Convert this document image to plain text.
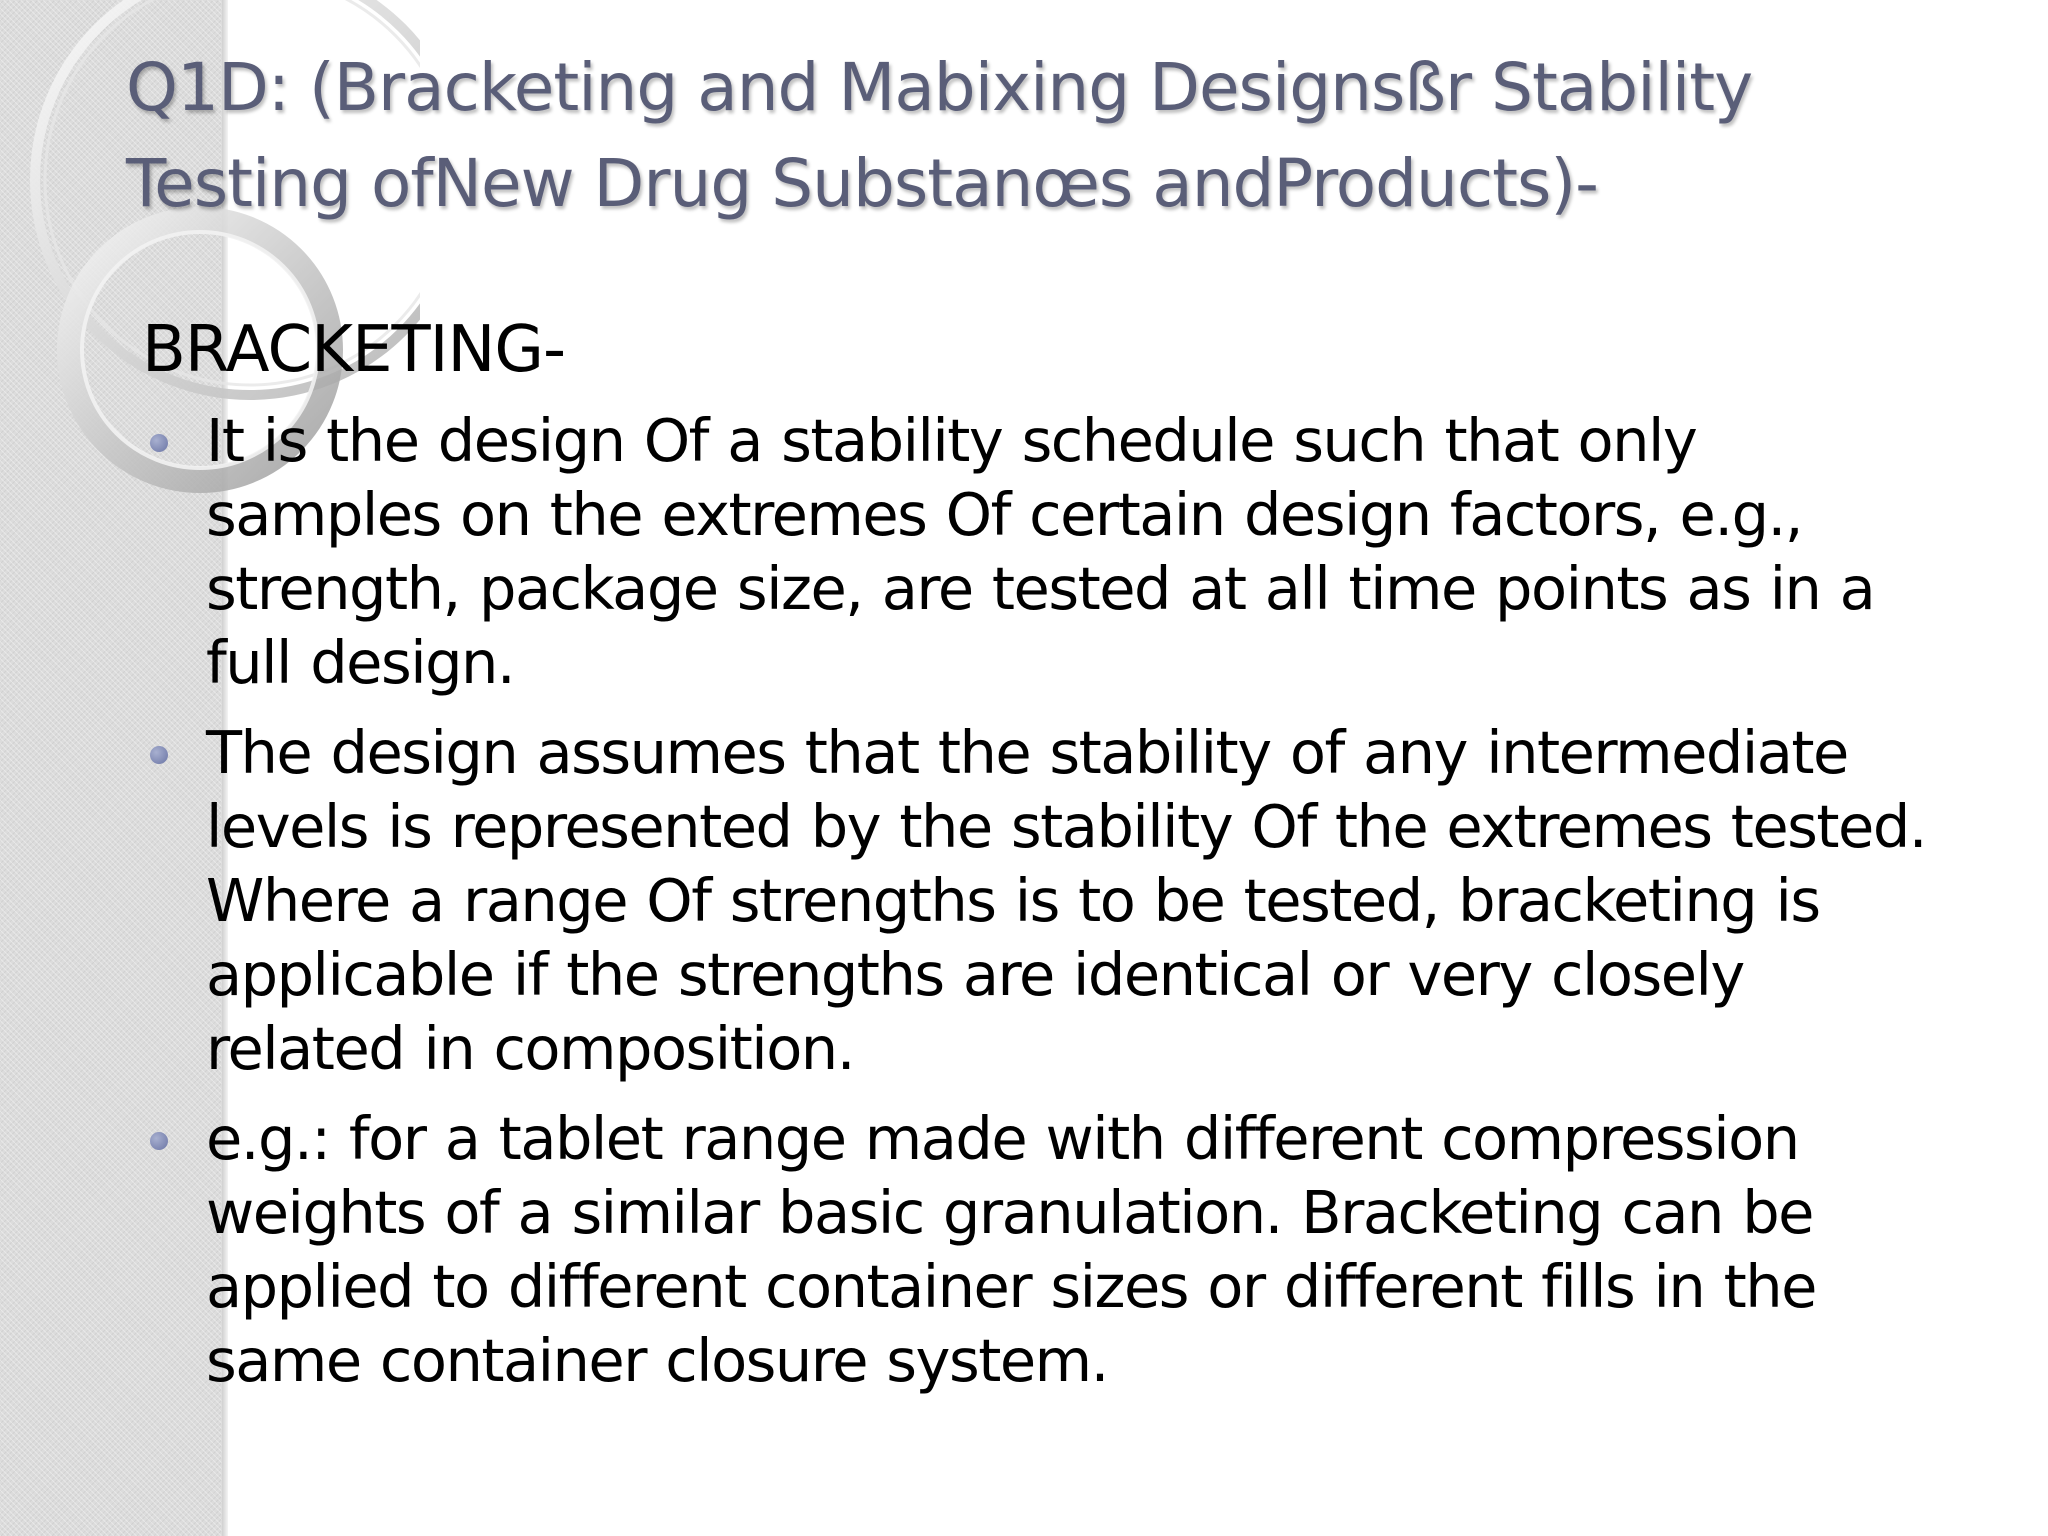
Q1D: (Bracketing and Mabixing Designsßr Stability
Testing ofNew Drug Substanœs andProducts)-
BRACKETING-
It is the design Of a stability schedule such that only samples on the extremes Of certain design factors, e.g., strength, package size, are tested at all time points as in a full design.
The design assumes that the stability of any intermediate levels is represented by the stability Of the extremes tested. Where a range Of strengths is to be tested, bracketing is applicable if the strengths are identical or very closely related in composition.
e.g.: for a tablet range made with different compression weights of a similar basic granulation. Bracketing can be applied to different container sizes or different fills in the same container closure system.
